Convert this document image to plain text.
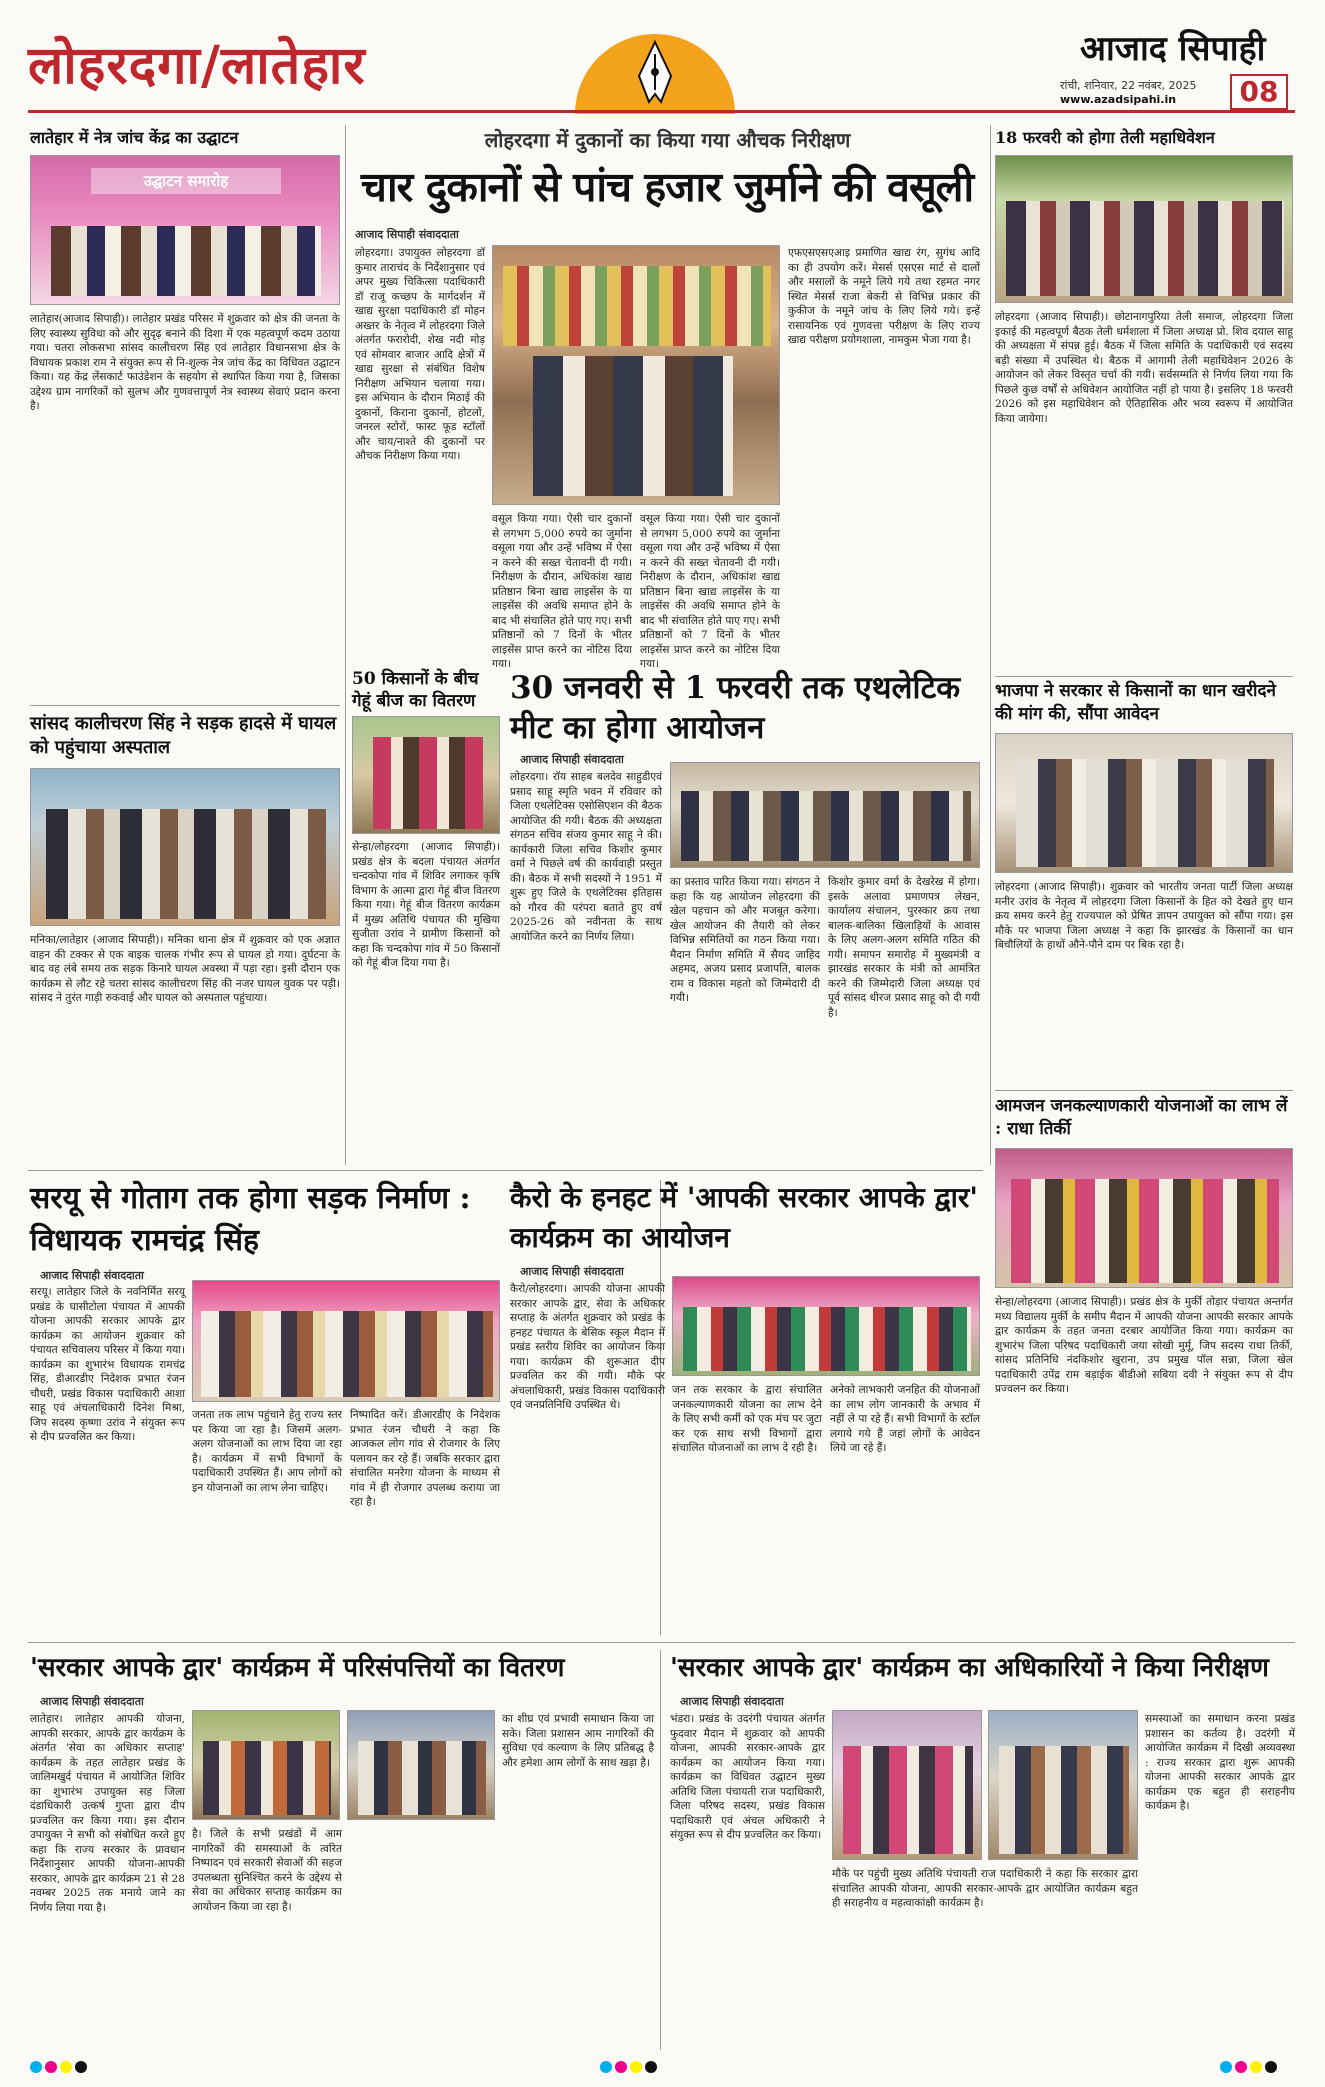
लोहरदगा/लातेहार	आजाद सिपाही
रांची, शनिवार, 22 नवंबर, 2025
www.azadsipahi.in	08
लातेहार में नेत्र जांच केंद्र का उद्घाटन
उद्घाटन समारोह
लातेहार(आजाद सिपाही)। लातेहार प्रखंड परिसर में शुक्रवार को क्षेत्र की जनता के लिए स्वास्थ्य सुविधा को और सुदृढ़ बनाने की दिशा में एक महत्वपूर्ण कदम उठाया गया। चतरा लोकसभा सांसद कालीचरण सिंह एवं लातेहार विधानसभा क्षेत्र के विधायक प्रकाश राम ने संयुक्त रूप से नि-शुल्क नेत्र जांच केंद्र का विधिवत उद्घाटन किया। यह केंद्र लेंसकार्ट फाउंडेशन के सहयोग से स्थापित किया गया है, जिसका उद्देश्य ग्राम नागरिकों को सुलभ और गुणवत्तापूर्ण नेत्र स्वास्थ्य सेवाएं प्रदान करना है।
सांसद कालीचरण सिंह ने सड़क हादसे में घायल को पहुंचाया अस्पताल
मनिका/लातेहार (आजाद सिपाही)। मनिका थाना क्षेत्र में शुक्रवार को एक अज्ञात वाहन की टक्कर से एक बाइक चालक गंभीर रूप से घायल हो गया। दुर्घटना के बाद वह लंबे समय तक सड़क किनारे घायल अवस्था में पड़ा रहा। इसी दौरान एक कार्यक्रम से लौट रहे चतरा सांसद कालीचरण सिंह की नजर घायल युवक पर पड़ी। सांसद ने तुरंत गाड़ी रुकवाई और घायल को अस्पताल पहुंचाया।
लोहरदगा में दुकानों का किया गया औचक निरीक्षण
चार दुकानों से पांच हजार जुर्माने की वसूली
आजाद सिपाही संवाददाता
लोहरदगा। उपायुक्त लोहरदगा डॉ कुमार ताराचंद के निर्देशानुसार एवं अपर मुख्य चिकित्सा पदाधिकारी डॉ राजू कच्छप के मार्गदर्शन में खाद्य सुरक्षा पदाधिकारी डॉ मोहन अख्तर के नेतृत्व में लोहरदगा जिले अंतर्गत फरारोदी, शेख नदी मोड़ एवं सोमवार बाजार आदि क्षेत्रों में खाद्य सुरक्षा से संबंधित विशेष निरीक्षण अभियान चलाया गया। इस अभियान के दौरान मिठाई की दुकानों, किराना दुकानों, होटलों, जनरल स्टोरों, फास्ट फूड स्टॉलों और चाय/नाश्ते की दुकानों पर औचक निरीक्षण किया गया।
वसूल किया गया। ऐसी चार दुकानों से लगभग 5,000 रुपये का जुर्माना वसूला गया और उन्हें भविष्य में ऐसा न करने की सख्त चेतावनी दी गयी। निरीक्षण के दौरान, अधिकांश खाद्य प्रतिष्ठान बिना खाद्य लाइसेंस के या लाइसेंस की अवधि समाप्त होने के बाद भी संचालित होते पाए गए। सभी प्रतिष्ठानों को 7 दिनों के भीतर लाइसेंस प्राप्त करने का नोटिस दिया गया।
वसूल किया गया। ऐसी चार दुकानों से लगभग 5,000 रुपये का जुर्माना वसूला गया और उन्हें भविष्य में ऐसा न करने की सख्त चेतावनी दी गयी। निरीक्षण के दौरान, अधिकांश खाद्य प्रतिष्ठान बिना खाद्य लाइसेंस के या लाइसेंस की अवधि समाप्त होने के बाद भी संचालित होते पाए गए। सभी प्रतिष्ठानों को 7 दिनों के भीतर लाइसेंस प्राप्त करने का नोटिस दिया गया।
एफएसएसएआइ प्रमाणित खाद्य रंग, सुगंध आदि का ही उपयोग करें। मेसर्स एसएस मार्ट से दालों और मसालों के नमूने लिये गये तथा रहमत नगर स्थित मेसर्स राजा बेकरी से विभिन्न प्रकार की कुकीज के नमूने जांच के लिए लिये गये। इन्हें रासायनिक एवं गुणवत्ता परीक्षण के लिए राज्य खाद्य परीक्षण प्रयोगशाला, नामकुम भेजा गया है।
50 किसानों के बीच गेहूं बीज का वितरण
सेन्हा/लोहरदगा (आजाद सिपाही)। प्रखंड क्षेत्र के बदला पंचायत अंतर्गत चन्दकोपा गांव में शिविर लगाकर कृषि विभाग के आत्मा द्वारा गेहूं बीज वितरण किया गया। गेहूं बीज वितरण कार्यक्रम में मुख्य अतिथि पंचायत की मुखिया सुजीता उरांव ने ग्रामीण किसानों को कहा कि चन्दकोपा गांव में 50 किसानों को गेहूं बीज दिया गया है।
30 जनवरी से 1 फरवरी तक एथलेटिक मीट का होगा आयोजन
आजाद सिपाही संवाददाता
लोहरदगा। रॉय साहब बलदेव साहुडीएवं प्रसाद साहू स्मृति भवन में रविवार को जिला एथलेटिक्स एसोसिएशन की बैठक आयोजित की गयी। बैठक की अध्यक्षता संगठन सचिव संजय कुमार साहू ने की। कार्यकारी जिला सचिव किशोर कुमार वर्मा ने पिछले वर्ष की कार्यवाही प्रस्तुत की। बैठक में सभी सदस्यों ने 1951 में शुरू हुए जिले के एथलेटिक्स इतिहास को गौरव की परंपरा बताते हुए वर्ष 2025-26 को नवीनता के साथ आयोजित करने का निर्णय लिया।
का प्रस्ताव पारित किया गया। संगठन ने कहा कि यह आयोजन लोहरदगा की खेल पहचान को और मजबूत करेगा। खेल आयोजन की तैयारी को लेकर विभिन्न समितियों का गठन किया गया। मैदान निर्माण समिति में सैयद जाहिद अहमद, अजय प्रसाद प्रजापति, बालक राम व विकास महतो को जिम्मेदारी दी गयी।
किशोर कुमार वर्मा के देखरेख में होगा। इसके अलावा प्रमाणपत्र लेखन, कार्यालय संचालन, पुरस्कार क्रय तथा बालक-बालिका खिलाड़ियों के आवास के लिए अलग-अलग समिति गठित की गयी। समापन समारोह में मुख्यमंत्री व झारखंड सरकार के मंत्री को आमंत्रित करने की जिम्मेदारी जिला अध्यक्ष एवं पूर्व सांसद धीरज प्रसाद साहू को दी गयी है।
18 फरवरी को होगा तेली महाधिवेशन
लोहरदगा (आजाद सिपाही)। छोटानागपुरिया तेली समाज, लोहरदगा जिला इकाई की महत्वपूर्ण बैठक तेली धर्मशाला में जिला अध्यक्ष प्रो. शिव दयाल साहू की अध्यक्षता में संपन्न हुई। बैठक में जिला समिति के पदाधिकारी एवं सदस्य बड़ी संख्या में उपस्थित थे। बैठक में आगामी तेली महाधिवेशन 2026 के आयोजन को लेकर विस्तृत चर्चा की गयी। सर्वसम्मति से निर्णय लिया गया कि पिछले कुछ वर्षों से अधिवेशन आयोजित नहीं हो पाया है। इसलिए 18 फरवरी 2026 को इस महाधिवेशन को ऐतिहासिक और भव्य स्वरूप में आयोजित किया जायेगा।
भाजपा ने सरकार से किसानों का धान खरीदने की मांग की, सौंपा आवेदन
लोहरदगा (आजाद सिपाही)। शुक्रवार को भारतीय जनता पार्टी जिला अध्यक्ष मनीर उरांव के नेतृत्व में लोहरदगा जिला किसानों के हित को देखते हुए धान क्रय समय करने हेतु राज्यपाल को प्रेषित ज्ञापन उपायुक्त को सौंपा गया। इस मौके पर भाजपा जिला अध्यक्ष ने कहा कि झारखंड के किसानों का धान बिचौलियों के हाथों औने-पौने दाम पर बिक रहा है।
आमजन जनकल्याणकारी योजनाओं का लाभ लें : राधा तिर्की
सेन्हा/लोहरदगा (आजाद सिपाही)। प्रखंड क्षेत्र के मुर्की तोड़ार पंचायत अन्तर्गत मध्य विद्यालय मुर्की के समीप मैदान में आपकी योजना आपकी सरकार आपके द्वार कार्यक्रम के तहत जनता दरबार आयोजित किया गया। कार्यक्रम का शुभारंभ जिला परिषद पदाधिकारी जया सोखी मुर्मू, जिप सदस्य राधा तिर्की, सांसद प्रतिनिधि नंदकिशोर खुराना, उप प्रमुख पॉल सन्ना, जिला खेल पदाधिकारी उपेंद्र राम बड़ाईक बीडीओ सबिया दवी ने संयुक्त रूप से दीप प्रज्वलन कर किया।
सरयू से गोताग तक होगा सड़क निर्माण : विधायक रामचंद्र सिंह
आजाद सिपाही संवाददाता
सरयू। लातेहार जिले के नवनिर्मित सरयू प्रखंड के घासीटोला पंचायत में आपकी योजना आपकी सरकार आपके द्वार कार्यक्रम का आयोजन शुक्रवार को पंचायत सचिवालय परिसर में किया गया। कार्यक्रम का शुभारंभ विधायक रामचंद्र सिंह, डीआरडीए निदेशक प्रभात रंजन चौधरी, प्रखंड विकास पदाधिकारी आशा साहू एवं अंचलाधिकारी दिनेश मिश्रा, जिप सदस्य कृष्णा उरांव ने संयुक्त रूप से दीप प्रज्वलित कर किया।
जनता तक लाभ पहुंचाने हेतु राज्य स्तर पर किया जा रहा है। जिसमें अलग-अलग योजनाओं का लाभ दिया जा रहा है। कार्यक्रम में सभी विभागों के पदाधिकारी उपस्थित हैं। आप लोगों को इन योजनाओं का लाभ लेना चाहिए।
निष्पादित करें। डीआरडीए के निदेशक प्रभात रंजन चौधरी ने कहा कि आजकल लोग गांव से रोजगार के लिए पलायन कर रहे हैं। जबकि सरकार द्वारा संचालित मनरेगा योजना के माध्यम से गांव में ही रोजगार उपलब्ध कराया जा रहा है।
कैरो के हनहट में 'आपकी सरकार आपके द्वार' कार्यक्रम का आयोजन
आजाद सिपाही संवाददाता
कैरो/लोहरदगा। आपकी योजना आपकी सरकार आपके द्वार, सेवा के अधिकार सप्ताह के अंतर्गत शुक्रवार को प्रखंड के हनहट पंचायत के बेसिक स्कूल मैदान में प्रखंड स्तरीय शिविर का आयोजन किया गया। कार्यक्रम की शुरूआत दीप प्रज्वलित कर की गयी। मौके पर अंचलाधिकारी, प्रखंड विकास पदाधिकारी एवं जनप्रतिनिधि उपस्थित थे।
जन तक सरकार के द्वारा संचालित जनकल्याणकारी योजना का लाभ देने के लिए सभी कर्मी को एक मंच पर जुटा कर एक साथ सभी विभागों द्वारा संचालित योजनाओं का लाभ दे रही है।
अनेको लाभकारी जनहित की योजनाओं का लाभ लोग जानकारी के अभाव में नहीं ले पा रहे हैं। सभी विभागों के स्टॉल लगाये गये हैं जहां लोगों के आवेदन लिये जा रहे हैं।
'सरकार आपके द्वार' कार्यक्रम में परिसंपत्तियों का वितरण
आजाद सिपाही संवाददाता
लातेहार। लातेहार आपकी योजना, आपकी सरकार, आपके द्वार कार्यक्रम के अंतर्गत 'सेवा का अधिकार सप्ताह' कार्यक्रम के तहत लातेहार प्रखंड के जालिमखुर्द पंचायत में आयोजित शिविर का शुभारंभ उपायुक्त सह जिला दंडाधिकारी उत्कर्ष गुप्ता द्वारा दीप प्रज्वलित कर किया गया। इस दौरान उपायुक्त ने सभी को संबोधित करते हुए कहा कि राज्य सरकार के प्रावधान निर्देशानुसार आपकी योजना-आपकी सरकार, आपके द्वार कार्यक्रम 21 से 28 नवम्बर 2025 तक मनाये जाने का निर्णय लिया गया है।
है। जिले के सभी प्रखंडों में आम नागरिकों की समस्याओं के त्वरित निष्पादन एवं सरकारी सेवाओं की सहज उपलब्धता सुनिश्चित करने के उद्देश्य से सेवा का अधिकार सप्ताह कार्यक्रम का आयोजन किया जा रहा है।
का शीघ्र एवं प्रभावी समाधान किया जा सके। जिला प्रशासन आम नागरिकों की सुविधा एवं कल्याण के लिए प्रतिबद्ध है और हमेशा आम लोगों के साथ खड़ा है।
'सरकार आपके द्वार' कार्यक्रम का अधिकारियों ने किया निरीक्षण
आजाद सिपाही संवाददाता
भंडरा। प्रखंड के उदरंगी पंचायत अंतर्गत फुदवार मैदान में शुक्रवार को आपकी योजना, आपकी सरकार-आपके द्वार कार्यक्रम का आयोजन किया गया। कार्यक्रम का विधिवत उद्घाटन मुख्य अतिथि जिला पंचायती राज पदाधिकारी, जिला परिषद सदस्य, प्रखंड विकास पदाधिकारी एवं अंचल अधिकारी ने संयुक्त रूप से दीप प्रज्वलित कर किया।
मौके पर पहुंची मुख्य अतिथि पंचायती राज पदाधिकारी ने कहा कि सरकार द्वारा संचालित आपकी योजना, आपकी सरकार-आपके द्वार आयोजित कार्यक्रम बहुत ही सराहनीय व महत्वाकांक्षी कार्यक्रम है।
समस्याओं का समाधान करना प्रखंड प्रशासन का कर्तव्य है। उदरंगी में आयोजित कार्यक्रम में दिखी अव्यवस्था : राज्य सरकार द्वारा शुरू आपकी योजना आपकी सरकार आपके द्वार कार्यक्रम एक बहुत ही सराहनीय कार्यक्रम है।
